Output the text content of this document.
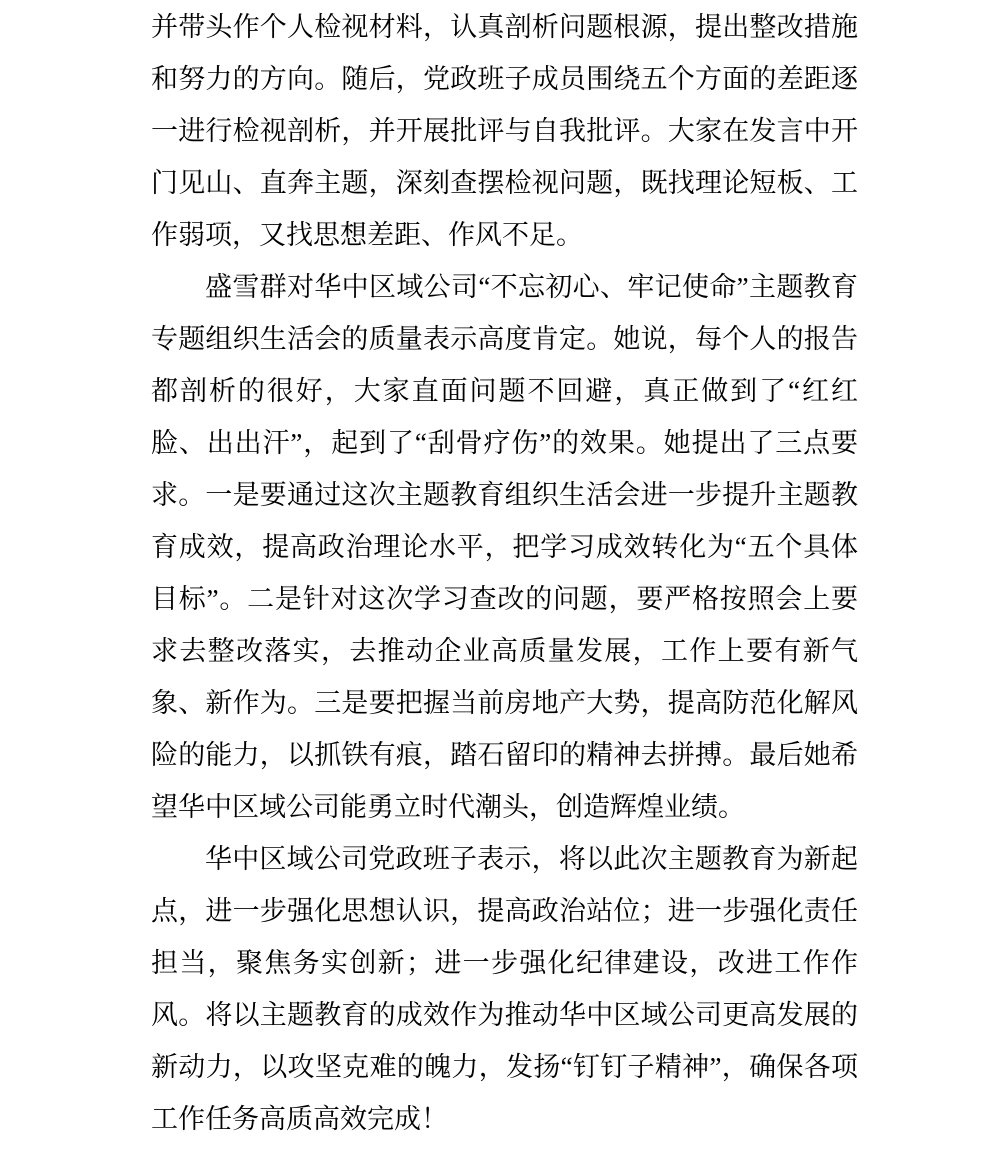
并带头作个人检视材料，认真剖析问题根源，提出整改措施和努力的方向。随后，党政班子成员围绕五个方面的差距逐一进行检视剖析，并开展批评与自我批评。大家在发言中开门见山、直奔主题，深刻查摆检视问题，既找理论短板、工作弱项，又找思想差距、作风不足。

盛雪群对华中区域公司“不忘初心、牢记使命”主题教育专题组织生活会的质量表示高度肯定。她说，每个人的报告都剖析的很好，大家直面问题不回避，真正做到了“红红脸、出出汗”，起到了“刮骨疗伤”的效果。她提出了三点要求。一是要通过这次主题教育组织生活会进一步提升主题教育成效，提高政治理论水平，把学习成效转化为“五个具体目标”。二是针对这次学习查改的问题，要严格按照会上要求去整改落实，去推动企业高质量发展，工作上要有新气象、新作为。三是要把握当前房地产大势，提高防范化解风险的能力，以抓铁有痕，踏石留印的精神去拼搏。最后她希望华中区域公司能勇立时代潮头，创造辉煌业绩。

华中区域公司党政班子表示，将以此次主题教育为新起点，进一步强化思想认识，提高政治站位；进一步强化责任担当，聚焦务实创新；进一步强化纪律建设，改进工作作风。将以主题教育的成效作为推动华中区域公司更高发展的新动力，以攻坚克难的魄力，发扬“钉钉子精神”，确保各项工作任务高质高效完成！
